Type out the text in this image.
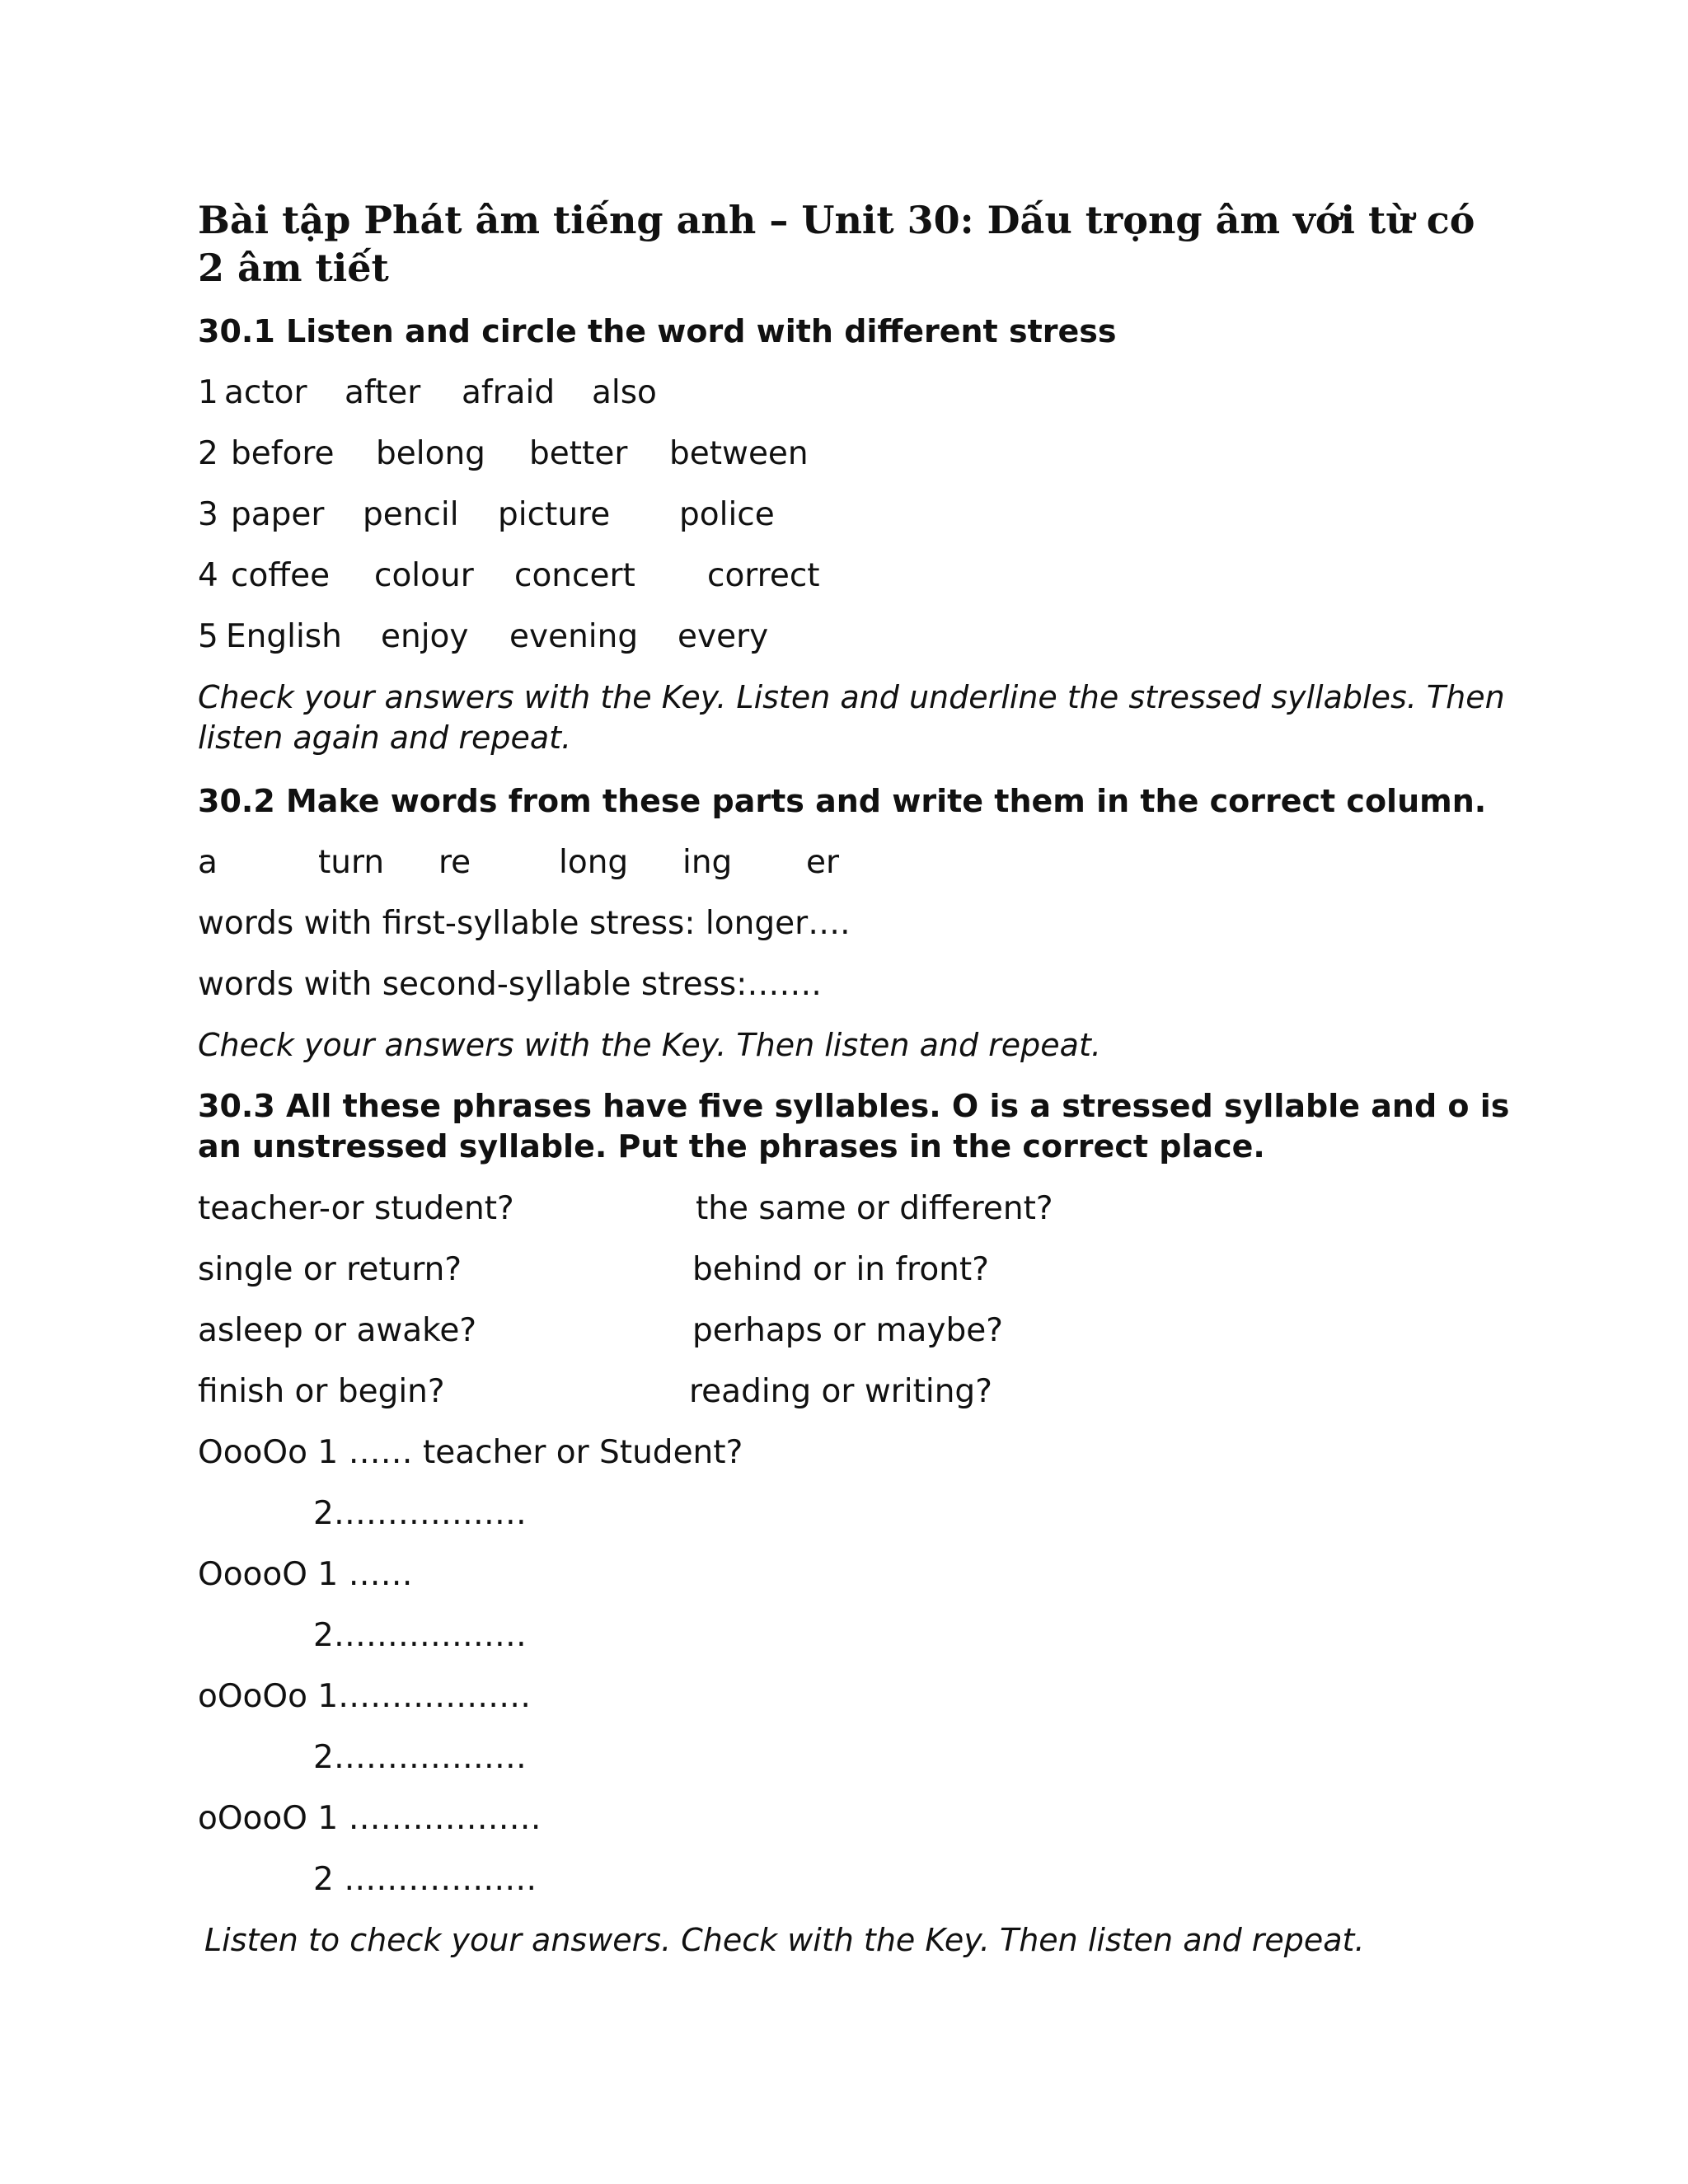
Bài tập Phát âm tiếng anh – Unit 30: Dấu trọng âm với từ có 2 âm tiết
30.1 Listen and circle the word with different stress
1 actor after afraid also
2 before belong better between
3 paper pencil picture police
4 coffee colour concert correct
5 English enjoy evening every
Check your answers with the Key. Listen and underline the stressed syllables. Then listen again and repeat.
30.2 Make words from these parts and write them in the correct column.
a	turn re	long ing er
words with first-syllable stress: longer….
words with second-syllable stress:…….
Check your answers with the Key. Then listen and repeat.
30.3 All these phrases have five syllables. O is a stressed syllable and o is an unstressed syllable. Put the phrases in the correct place.
teacher-or student?	the same or different?
single or return?	behind or in front?
asleep or awake?	perhaps or maybe?
finish or begin?	reading or writing?
OooOo 1 …… teacher or Student?
2………………
OoooO 1 ……
2………………
oOoOo 1………………
2………………
oOooO 1 ………………
2 ………………
Listen to check your answers. Check with the Key. Then listen and repeat.
